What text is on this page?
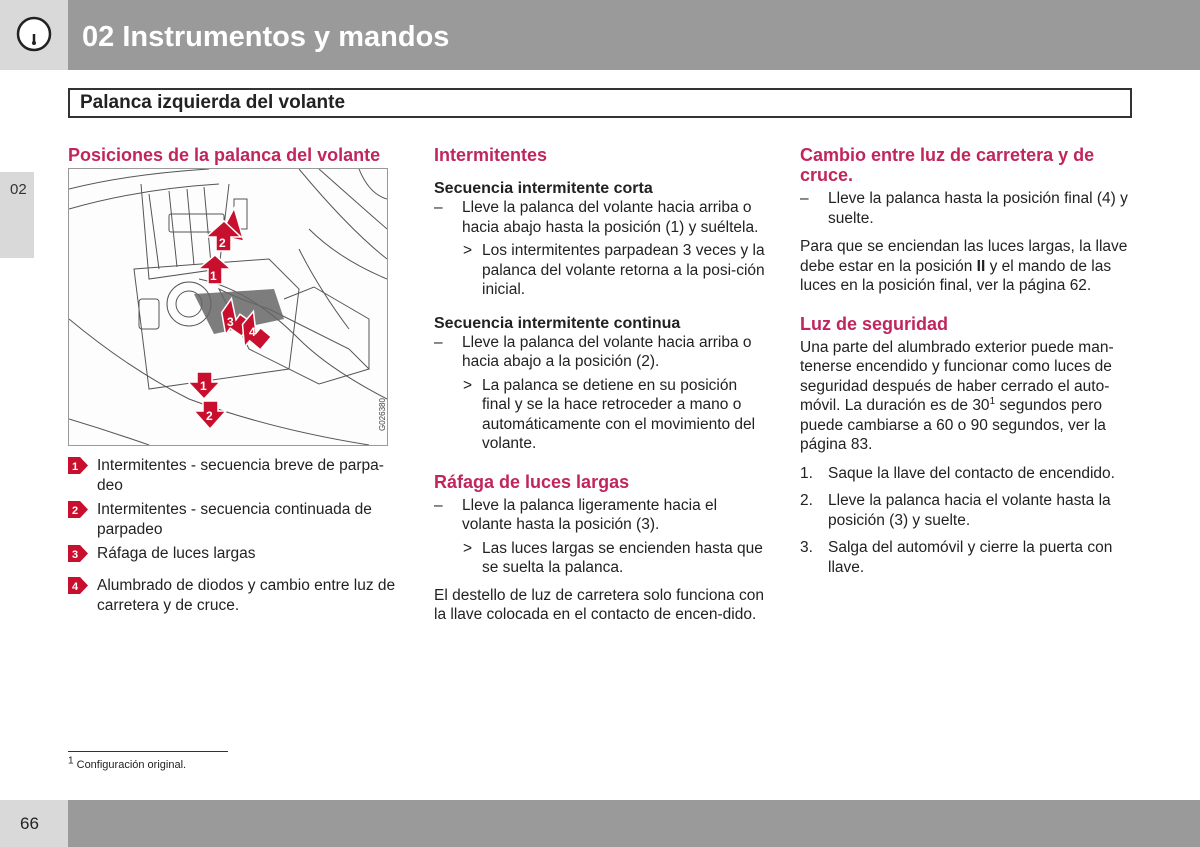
02 Instrumentos y mandos
02
Palanca izquierda del volante
Posiciones de la palanca del volante
2
1
3
4
1
2	G026380
1 Intermitentes - secuencia breve de parpa-deo
2 Intermitentes - secuencia continuada de parpadeo
3 Ráfaga de luces largas
4 Alumbrado de diodos y cambio entre luz de carretera y de cruce.
Intermitentes
Secuencia intermitente corta
– Lleve la palanca del volante hacia arriba o hacia abajo hasta la posición (1) y suéltela.
> Los intermitentes parpadean 3 veces y la palanca del volante retorna a la posi-ción inicial.
Secuencia intermitente continua
– Lleve la palanca del volante hacia arriba o hacia abajo a la posición (2).
> La palanca se detiene en su posición final y se la hace retroceder a mano o automáticamente con el movimiento del volante.
Ráfaga de luces largas
– Lleve la palanca ligeramente hacia el volante hasta la posición (3).
> Las luces largas se encienden hasta que se suelta la palanca.
El destello de luz de carretera solo funciona con la llave colocada en el contacto de encen-dido.
Cambio entre luz de carretera y de cruce.
– Lleve la palanca hasta la posición final (4) y suelte.
Para que se enciendan las luces largas, la llave debe estar en la posición II y el mando de las luces en la posición final, ver la página 62.
Luz de seguridad
Una parte del alumbrado exterior puede man-tenerse encendido y funcionar como luces de seguridad después de haber cerrado el auto-móvil. La duración es de $30^1$ segundos pero puede cambiarse a 60 o 90 segundos, ver la página 83.
1. Saque la llave del contacto de encendido.
2. Lleve la palanca hacia el volante hasta la posición (3) y suelte.
3. Salga del automóvil y cierre la puerta con llave.
$^1$ Configuración original.
66
